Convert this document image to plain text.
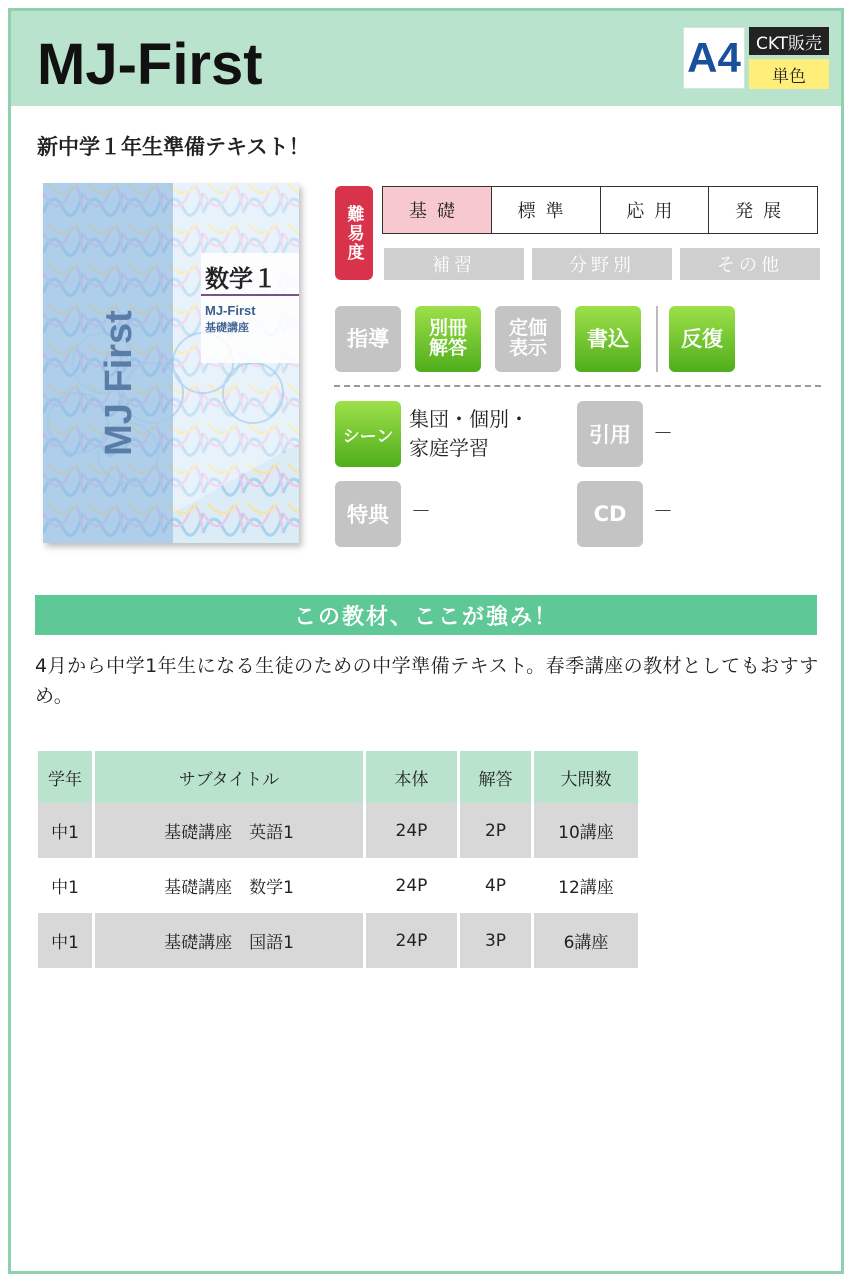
MJ-First	A4 CKT販売
単色
新中学１年生準備テキスト！
MJ First
数学１
MJ-First
基礎講座
難易度	基礎	標準	応用	発展
補習	分野別	その他
指導 別冊
解答
定価
表示 書込 反復
シーン
集団・個別・
家庭学習
引用	－
特典	－	CD	－
この教材、ここが強み！
4月から中学1年生になる生徒のための中学準備テキスト。春季講座の教材としてもおすすめ。
学年	サブタイトル	本体	解答	大問数
中1	基礎講座　英語1	24P	2P	10講座
中1	基礎講座　数学1	24P	4P	12講座
中1	基礎講座　国語1	24P	3P	6講座
